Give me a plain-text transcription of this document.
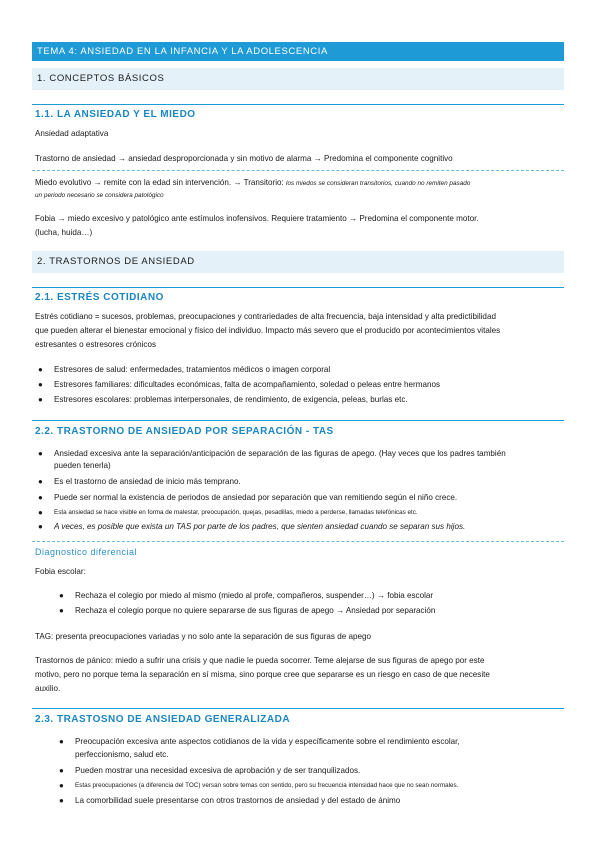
TEMA 4: ANSIEDAD EN LA INFANCIA Y LA ADOLESCENCIA
1. CONCEPTOS BÁSICOS
1.1. LA ANSIEDAD Y EL MIEDO
Ansiedad adaptativa
Trastorno de ansiedad → ansiedad desproporcionada y sin motivo de alarma → Predomina el componente cognitivo
Miedo evolutivo → remite con la edad sin intervención. → Transitorio: los miedos se consideran transitorios, cuando no remiten pasado
un periodo necesario se considera patológico
Fobia → miedo excesivo y patológico ante estímulos inofensivos. Requiere tratamiento → Predomina el componente motor.
(lucha, huida…)
2. TRASTORNOS DE ANSIEDAD
2.1. ESTRÉS COTIDIANO
Estrés cotidiano = sucesos, problemas, preocupaciones y contrariedades de alta frecuencia, baja intensidad y alta predictibilidad
que pueden alterar el bienestar emocional y físico del individuo. Impacto más severo que el producido por acontecimientos vitales
estresantes o estresores crónicos
● Estresores de salud: enfermedades, tratamientos médicos o imagen corporal
● Estresores familiares: dificultades económicas, falta de acompañamiento, soledad o peleas entre hermanos
● Estresores escolares: problemas interpersonales, de rendimiento, de exigencia, peleas, burlas etc.
2.2. TRASTORNO DE ANSIEDAD POR SEPARACIÓN - TAS
● Ansiedad excesiva ante la separación/anticipación de separación de las figuras de apego. (Hay veces que los padres también
pueden tenerla)
● Es el trastorno de ansiedad de inicio más temprano.
● Puede ser normal la existencia de periodos de ansiedad por separación que van remitiendo según el niño crece.
● Esta ansiedad se hace visible en forma de malestar, preocupación, quejas, pesadillas, miedo a perderse, llamadas telefónicas etc.
● A veces, es posible que exista un TAS por parte de los padres, que sienten ansiedad cuando se separan sus hijos.
Diagnostico diferencial
Fobia escolar:
● Rechaza el colegio por miedo al mismo (miedo al profe, compañeros, suspender…) → fobia escolar
● Rechaza el colegio porque no quiere separarse de sus figuras de apego → Ansiedad por separación
TAG: presenta preocupaciones variadas y no solo ante la separación de sus figuras de apego
Trastornos de pánico: miedo a sufrir una crisis y que nadie le pueda socorrer. Teme alejarse de sus figuras de apego por este
motivo, pero no porque tema la separación en sí misma, sino porque cree que separarse es un riesgo en caso de que necesite
auxilio.
2.3. TRASTOSNO DE ANSIEDAD GENERALIZADA
● Preocupación excesiva ante aspectos cotidianos de la vida y específicamente sobre el rendimiento escolar,
perfeccionismo, salud etc.
● Pueden mostrar una necesidad excesiva de aprobación y de ser tranquilizados.
● Estas preocupaciones (a diferencia del TOC) versan sobre temas con sentido, pero su frecuencia intensidad hace que no sean normales.
● La comorbilidad suele presentarse con otros trastornos de ansiedad y del estado de ánimo
